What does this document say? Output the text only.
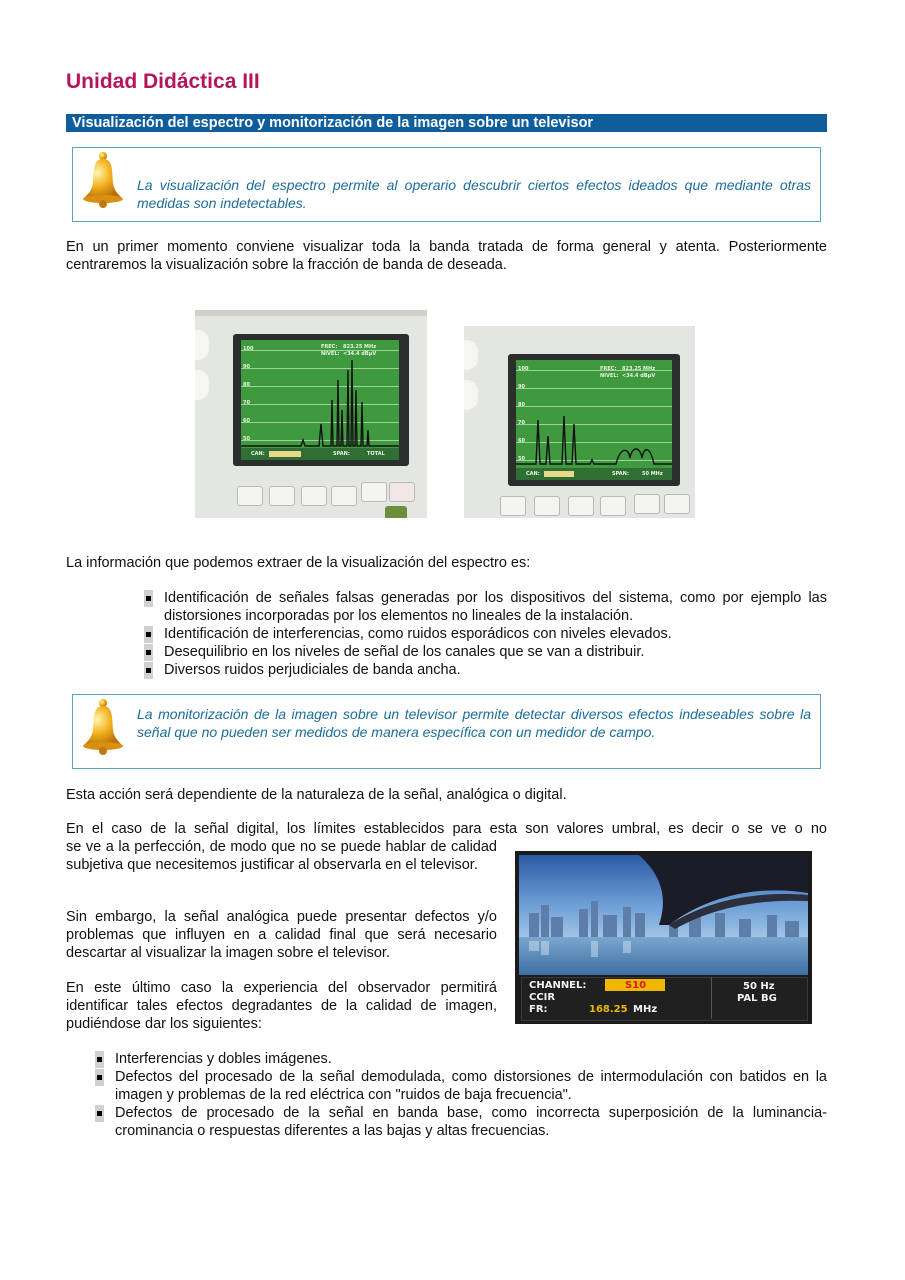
Unidad Didáctica III
Visualización del espectro y monitorización de la imagen sobre un televisor
La visualización del espectro permite al operario descubrir ciertos efectos ideados que mediante otras medidas son indetectables.
En un primer momento conviene visualizar toda la banda tratada de forma general y atenta. Posteriormente centraremos la visualización sobre la fracción de banda de deseada.
100
90
80
70
60
50
FREC: 823.25 MHz
NIVEL: <34.4 dBμV
CAN:	SPAN:	TOTAL
100
90
80
70
60
50
FREC: 823.25 MHz
NIVEL: <34.4 dBμV
CAN:	SPAN:	50 MHz
La información que podemos extraer de la visualización del espectro es:
Identificación de señales falsas generadas por los dispositivos del sistema, como por ejemplo las distorsiones incorporadas por los elementos no lineales de la instalación.
Identificación de interferencias, como ruidos esporádicos con niveles elevados.
Desequilibrio en los niveles de señal de los canales que se van a distribuir.
Diversos ruidos perjudiciales de banda ancha.
La monitorización de la imagen sobre un televisor permite detectar diversos efectos indeseables sobre la señal que no pueden ser medidos de manera específica con un medidor de campo.
Esta acción será dependiente de la naturaleza de la señal, analógica o digital.
En el caso de la señal digital, los límites establecidos para esta son valores umbral, es decir o se ve o no
se ve a la perfección, de modo que no se puede hablar de calidad subjetiva que necesitemos justificar al observarla en el televisor.
Sin embargo, la señal analógica puede presentar defectos y/o problemas que influyen en a calidad final que será necesario descartar al visualizar la imagen sobre el televisor.
En este último caso la experiencia del observador permitirá identificar tales efectos degradantes de la calidad de imagen, pudiéndose dar los siguientes:
CHANNEL:	S10
CCIR
FR:	168.25 MHz
50 Hz
PAL BG
Interferencias y dobles imágenes.
Defectos del procesado de la señal demodulada, como distorsiones de intermodulación con batidos en la imagen y problemas de la red eléctrica con "ruidos de baja frecuencia".
Defectos de procesado de la señal en banda base, como incorrecta superposición de la luminancia-crominancia o respuestas diferentes a las bajas y altas frecuencias.
